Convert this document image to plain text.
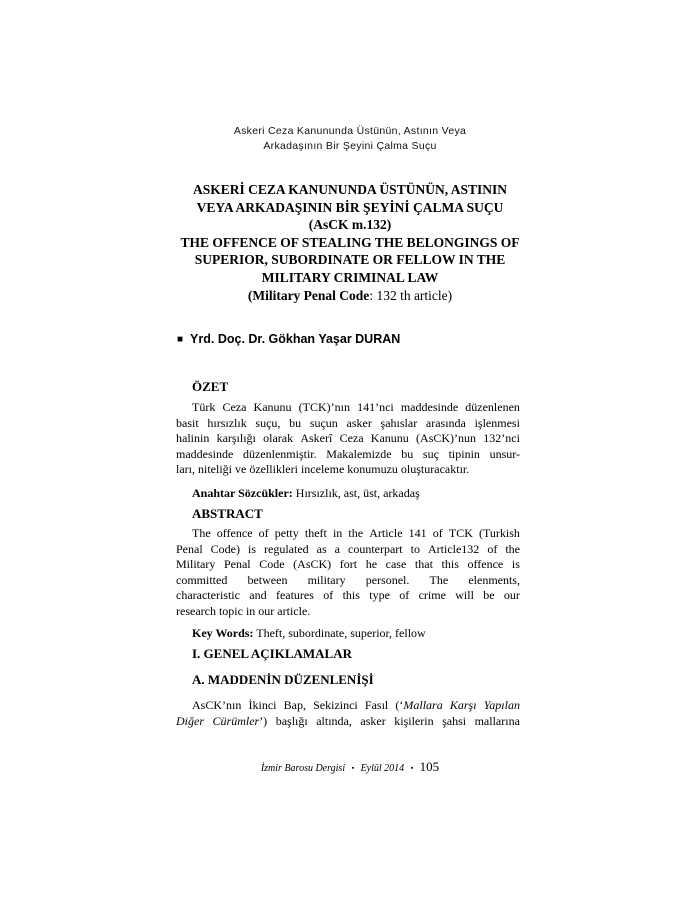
Askeri Ceza Kanununda Üstünün, Astının Veya
Arkadaşının Bir Şeyini Çalma Suçu
ASKERİ CEZA KANUNUNDA ÜSTÜNÜN, ASTININ
VEYA ARKADAŞININ BİR ŞEYİNİ ÇALMA SUÇU
(AsCK m.132)
THE OFFENCE OF STEALING THE BELONGINGS OF
SUPERIOR, SUBORDINATE OR FELLOW IN THE
MILITARY CRIMINAL LAW
(Military Penal Code: 132 th article)
■ Yrd. Doç. Dr. Gökhan Yaşar DURAN
ÖZET
Türk Ceza Kanunu (TCK)’nın 141’nci maddesinde düzenlenen
basit hırsızlık suçu, bu suçun asker şahıslar arasında işlenmesi
halinin karşılığı olarak Askerî Ceza Kanunu (AsCK)’nun 132’nci
maddesinde düzenlenmiştir. Makalemizde bu suç tipinin unsur-
ları, niteliği ve özellikleri inceleme konumuzu oluşturacaktır.
Anahtar Sözcükler: Hırsızlık, ast, üst, arkadaş
ABSTRACT
The offence of petty theft in the Article 141 of TCK (Turkish
Penal Code) is regulated as a counterpart to Article132 of the
Military Penal Code (AsCK) fort he case that this offence is
committed between military personel. The elenments,
characteristic and features of this type of crime will be our
research topic in our article.
Key Words: Theft, subordinate, superior, fellow
I. GENEL AÇIKLAMALAR
A. MADDENİN DÜZENLENİŞİ
AsCK’nın İkinci Bap, Sekizinci Fasıl (‘Mallara Karşı Yapılan
Diğer Cürümler’) başlığı altında, asker kişilerin şahsi mallarına
İzmir Barosu Dergisi ▪ Eylül 2014 ▪ 105
